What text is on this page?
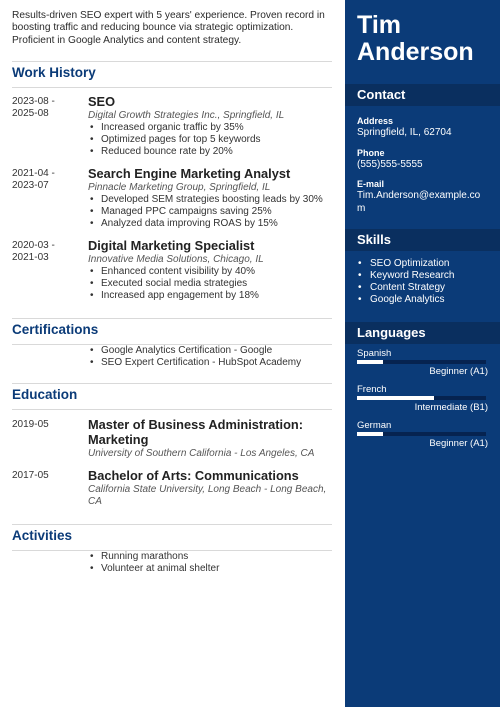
Results-driven SEO expert with 5 years' experience. Proven record in boosting traffic and reducing bounce via strategic optimization. Proficient in Google Analytics and content strategy.
Work History
2023-08 -
2025-08
SEO
Digital Growth Strategies Inc., Springfield, IL
• Increased organic traffic by 35%
• Optimized pages for top 5 keywords
• Reduced bounce rate by 20%
2021-04 -
2023-07
Search Engine Marketing Analyst
Pinnacle Marketing Group, Springfield, IL
• Developed SEM strategies boosting leads by 30%
• Managed PPC campaigns saving 25%
• Analyzed data improving ROAS by 15%
2020-03 -
2021-03
Digital Marketing Specialist
Innovative Media Solutions, Chicago, IL
• Enhanced content visibility by 40%
• Executed social media strategies
• Increased app engagement by 18%
Certifications
• Google Analytics Certification - Google
• SEO Expert Certification - HubSpot Academy
Education
2019-05	Master of Business Administration: Marketing
University of Southern California - Los Angeles, CA
2017-05	Bachelor of Arts: Communications
California State University, Long Beach - Long Beach, CA
Activities
• Running marathons
• Volunteer at animal shelter
Tim
Anderson
Contact
Address
Springfield, IL, 62704
Phone
(555)555-5555
E-mail
Tim.Anderson@example.com
Skills
• SEO Optimization
• Keyword Research
• Content Strategy
• Google Analytics
Languages
Spanish
Beginner (A1)
French
Intermediate (B1)
German
Beginner (A1)
